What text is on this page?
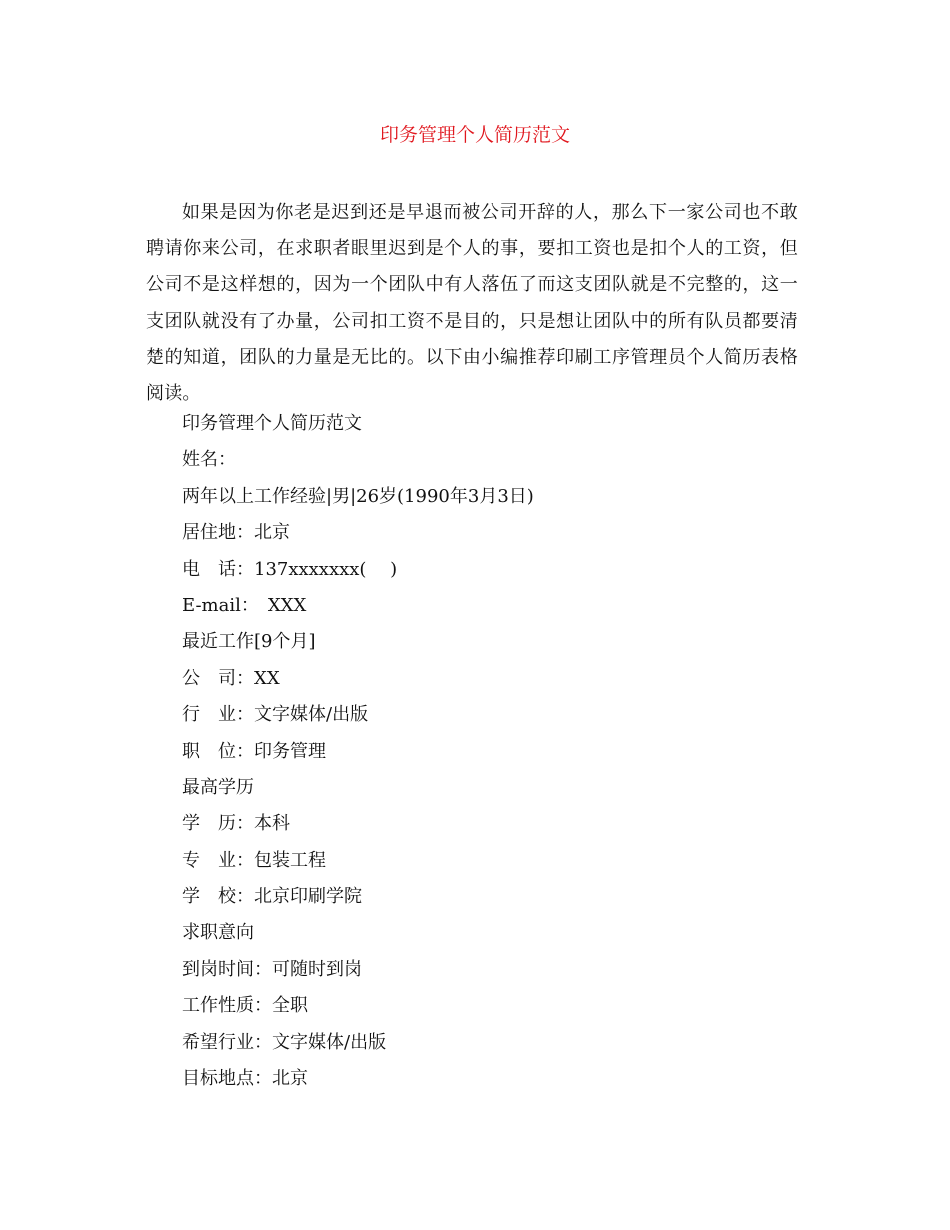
印务管理个人简历范文

如果是因为你老是迟到还是早退而被公司开辞的人，那么下一家公司也不敢聘请你来公司，在求职者眼里迟到是个人的事，要扣工资也是扣个人的工资，但公司不是这样想的，因为一个团队中有人落伍了而这支团队就是不完整的，这一支团队就没有了办量，公司扣工资不是目的，只是想让团队中的所有队员都要清楚的知道，团队的力量是无比的。以下由小编推荐印刷工序管理员个人简历表格阅读。

印务管理个人简历范文
姓名：
两年以上工作经验|男|26岁(1990年3月3日)
居住地：北京
电　话：137xxxxxxx(　 )
E-mail：　XXX
最近工作[9个月]
公　司：XX
行　业：文字媒体/出版
职　位：印务管理
最高学历
学　历：本科
专　业：包装工程
学　校：北京印刷学院
求职意向
到岗时间：可随时到岗
工作性质：全职
希望行业：文字媒体/出版
目标地点：北京
